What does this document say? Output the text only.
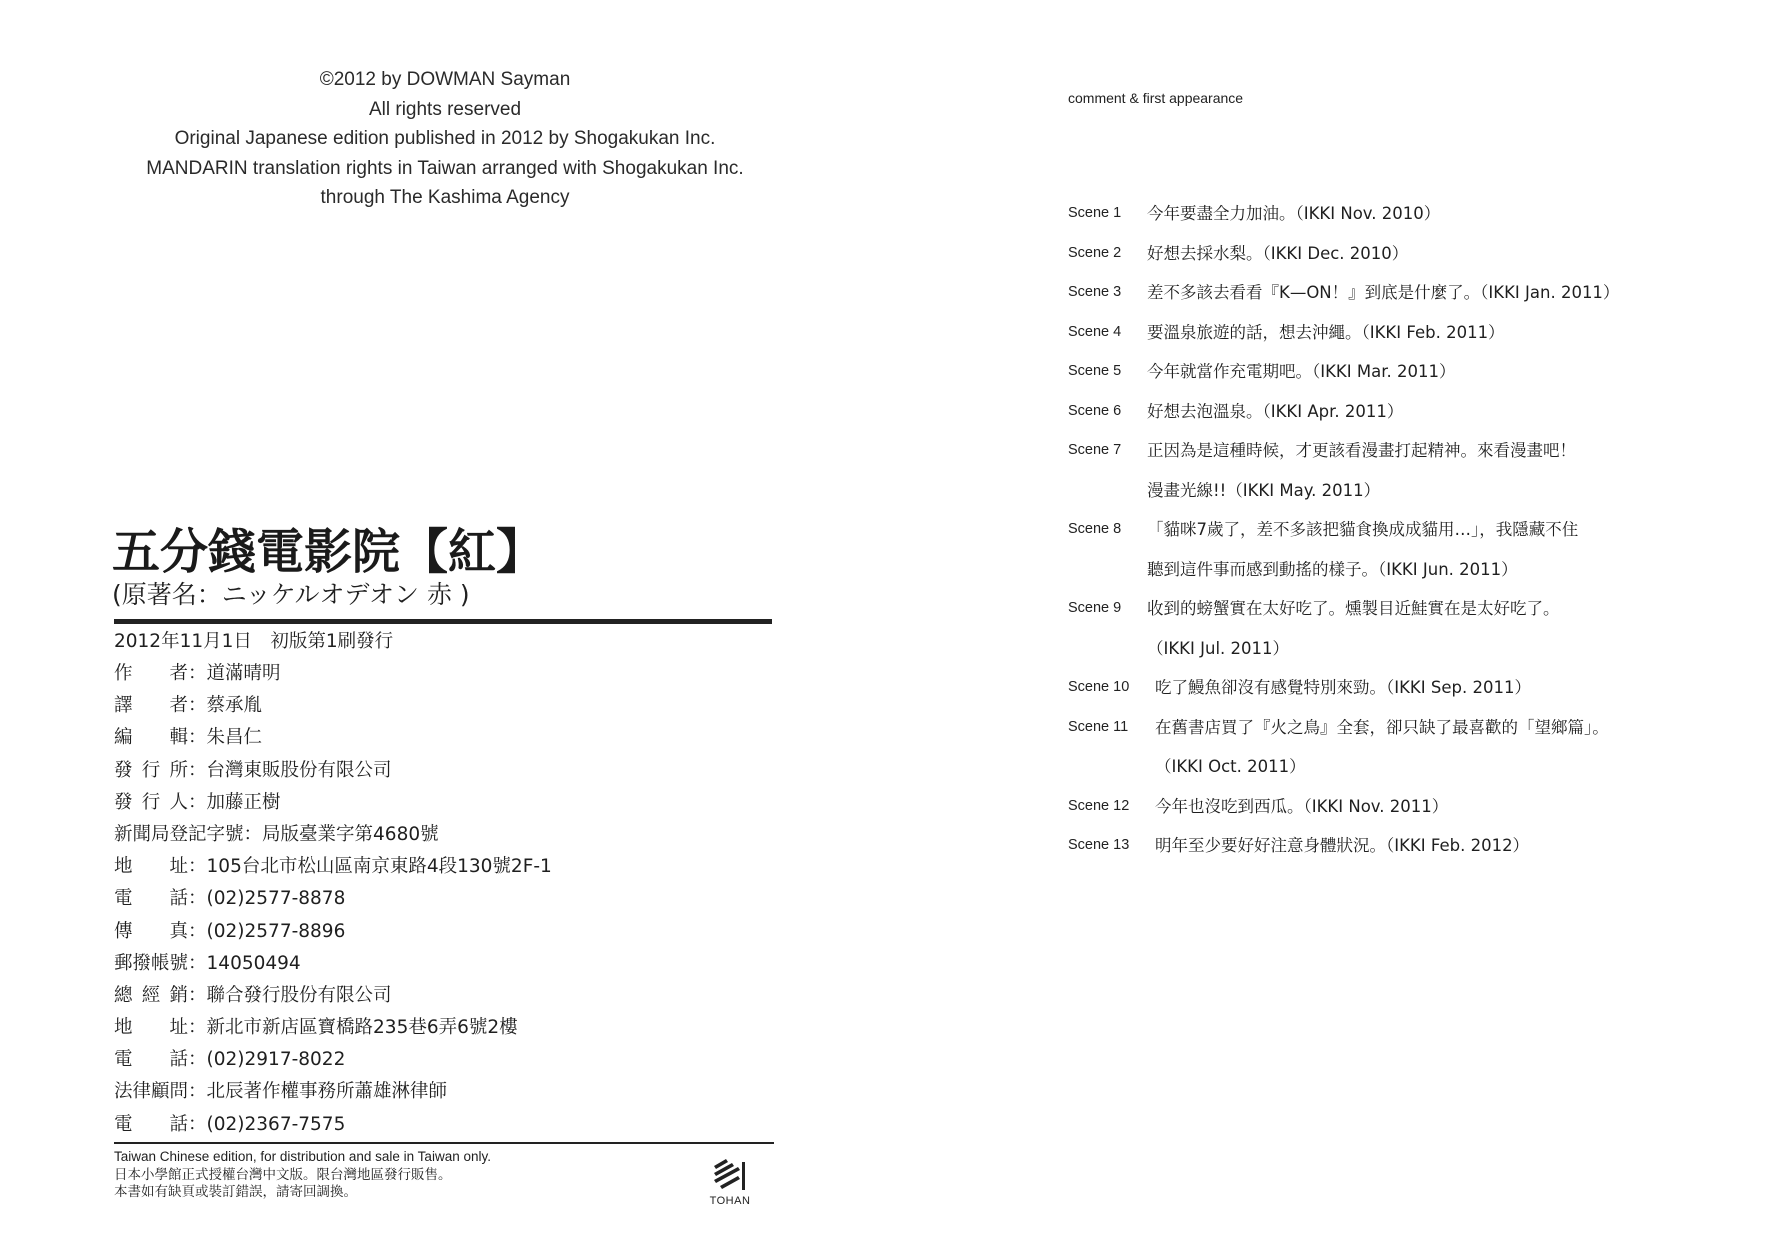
©2012 by DOWMAN Sayman
All rights reserved
Original Japanese edition published in 2012 by Shogakukan Inc.
MANDARIN translation rights in Taiwan arranged with Shogakukan Inc.
through The Kashima Agency
五分錢電影院【紅】
(原著名：ニッケルオデオン 赤 )
2012年11月1日　初版第1刷發行
作　　者：道滿晴明
譯　　者：蔡承胤
編　　輯：朱昌仁
發 行 所：台灣東販股份有限公司
發 行 人：加藤正樹
新聞局登記字號：局版臺業字第4680號
地　　址：105台北市松山區南京東路4段130號2F-1
電　　話：(02)2577-8878
傳　　真：(02)2577-8896
郵撥帳號：14050494
總 經 銷：聯合發行股份有限公司
地　　址：新北市新店區寶橋路235巷6弄6號2樓
電　　話：(02)2917-8022
法律顧問：北辰著作權事務所蕭雄淋律師
電　　話：(02)2367-7575
Taiwan Chinese edition, for distribution and sale in Taiwan only.
日本小學館正式授權台灣中文版。限台灣地區發行販售。
本書如有缺頁或裝訂錯誤，請寄回調換。
TOHAN
comment & first appearance
Scene 1	今年要盡全力加油。（IKKI Nov. 2010）
Scene 2	好想去採水梨。（IKKI Dec. 2010）
Scene 3	差不多該去看看『K—ON！』到底是什麼了。（IKKI Jan. 2011）
Scene 4	要溫泉旅遊的話，想去沖繩。（IKKI Feb. 2011）
Scene 5	今年就當作充電期吧。（IKKI Mar. 2011）
Scene 6	好想去泡溫泉。（IKKI Apr. 2011）
Scene 7	正因為是這種時候，才更該看漫畫打起精神。來看漫畫吧！
漫畫光線!!（IKKI May. 2011）
Scene 8	「貓咪7歲了，差不多該把貓食換成成貓用…」，我隱藏不住
聽到這件事而感到動搖的樣子。（IKKI Jun. 2011）
Scene 9	收到的螃蟹實在太好吃了。燻製目近鮭實在是太好吃了。
（IKKI Jul. 2011）
Scene 10	吃了鰻魚卻沒有感覺特別來勁。（IKKI Sep. 2011）
Scene 11	在舊書店買了『火之鳥』全套，卻只缺了最喜歡的「望鄉篇」。
（IKKI Oct. 2011）
Scene 12	今年也沒吃到西瓜。（IKKI Nov. 2011）
Scene 13	明年至少要好好注意身體狀況。（IKKI Feb. 2012）
